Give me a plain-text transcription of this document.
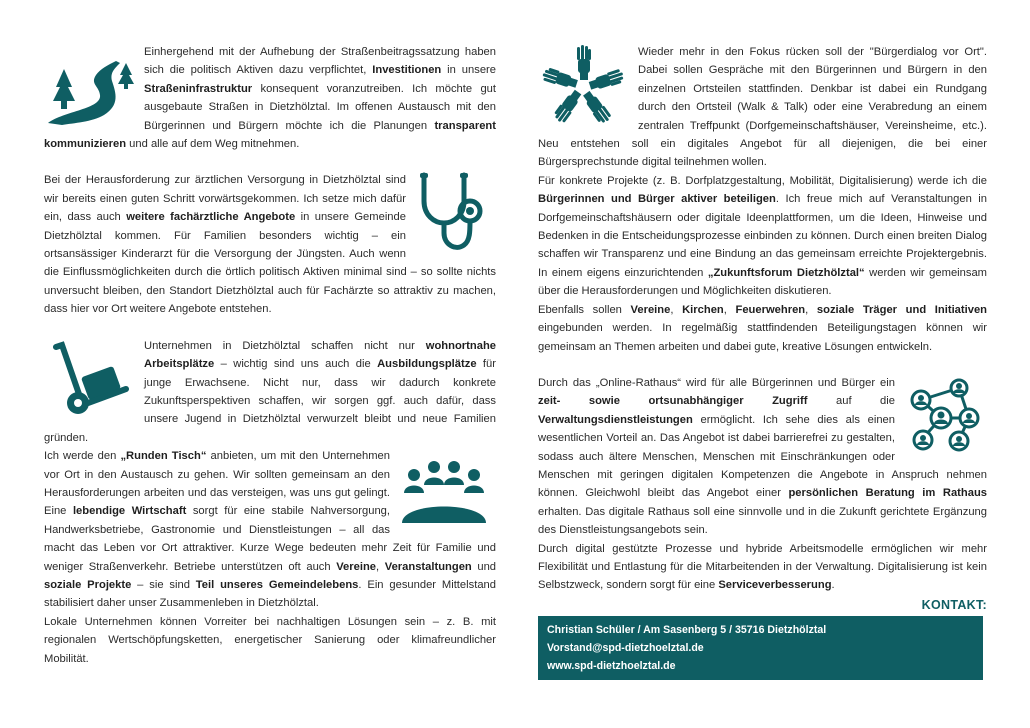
Einhergehend mit der Aufhebung der Straßenbeitragssatzung haben sich die politisch Aktiven dazu verpflichtet, Investitionen in unsere Straßeninfrastruktur konsequent voranzutreiben. Ich möchte gut ausgebaute Straßen in Dietzhölztal. Im offenen Austausch mit den Bürgerinnen und Bürgern möchte ich die Planungen transparent kommunizieren und alle auf dem Weg mitnehmen.

Bei der Herausforderung zur ärztlichen Versorgung in Dietzhölztal sind wir bereits einen guten Schritt vorwärtsgekommen. Ich setze mich dafür ein, dass auch weitere fachärztliche Angebote in unsere Gemeinde Dietzhölztal kommen. Für Familien besonders wichtig – ein ortsansässiger Kinderarzt für die Versorgung der Jüngsten. Auch wenn die Einflussmöglichkeiten durch die örtlich politisch Aktiven minimal sind – so sollte nichts unversucht bleiben, den Standort Dietzhölztal auch für Fachärzte so attraktiv zu machen, dass hier vor Ort weitere Angebote entstehen.

Unternehmen in Dietzhölztal schaffen nicht nur wohnortnahe Arbeitsplätze – wichtig sind uns auch die Ausbildungsplätze für junge Erwachsene. Nicht nur, dass wir dadurch konkrete Zukunftsperspektiven schaffen, wir sorgen ggf. auch dafür, dass unsere Jugend in Dietzhölztal verwurzelt bleibt und neue Familien gründen.

Ich werde den „Runden Tisch“ anbieten, um mit den Unternehmen vor Ort in den Austausch zu gehen. Wir sollten gemeinsam an den Herausforderungen arbeiten und das versteigen, was uns gut gelingt. Eine lebendige Wirtschaft sorgt für eine stabile Nahversorgung, Handwerksbetriebe, Gastronomie und Dienstleistungen – all das macht das Leben vor Ort attraktiver. Kurze Wege bedeuten mehr Zeit für Familie und weniger Straßenverkehr. Betriebe unterstützen oft auch Vereine, Veranstaltungen und soziale Projekte – sie sind Teil unseres Gemeindelebens. Ein gesunder Mittelstand stabilisiert daher unser Zusammenleben in Dietzhölztal.

Lokale Unternehmen können Vorreiter bei nachhaltigen Lösungen sein – z. B. mit regionalen Wertschöpfungsketten, energetischer Sanierung oder klimafreundlicher Mobilität.

Wieder mehr in den Fokus rücken soll der "Bürgerdialog vor Ort". Dabei sollen Gespräche mit den Bürgerinnen und Bürgern in den einzelnen Ortsteilen stattfinden. Denkbar ist dabei ein Rundgang durch den Ortsteil (Walk & Talk) oder eine Verabredung an einem zentralen Treffpunkt (Dorfgemeinschaftshäuser, Vereinsheime, etc.). Neu entstehen soll ein digitales Angebot für all diejenigen, die bei einer Bürgersprechstunde digital teilnehmen wollen.

Für konkrete Projekte (z. B. Dorfplatzgestaltung, Mobilität, Digitalisierung) werde ich die Bürgerinnen und Bürger aktiver beteiligen. Ich freue mich auf Veranstaltungen in Dorfgemeinschaftshäusern oder digitale Ideenplattformen, um die Ideen, Hinweise und Bedenken in die Entscheidungsprozesse einbinden zu können. Durch einen breiten Dialog schaffen wir Transparenz und eine Bindung an das gemeinsam erreichte Projektergebnis. In einem eigens einzurichtenden „Zukunftsforum Dietzhölztal“ werden wir gemeinsam über die Herausforderungen und Möglichkeiten diskutieren.

Ebenfalls sollen Vereine, Kirchen, Feuerwehren, soziale Träger und Initiativen eingebunden werden. In regelmäßig stattfindenden Beteiligungstagen können wir gemeinsam an Themen arbeiten und dabei gute, kreative Lösungen entwickeln.

Durch das „Online-Rathaus“ wird für alle Bürgerinnen und Bürger ein zeit- sowie ortsunabhängiger Zugriff auf die Verwaltungsdienstleistungen ermöglicht. Ich sehe dies als einen wesentlichen Vorteil an. Das Angebot ist dabei barrierefrei zu gestalten, sodass auch ältere Menschen, Menschen mit Einschränkungen oder Menschen mit geringen digitalen Kompetenzen die Angebote in Anspruch nehmen können. Gleichwohl bleibt das Angebot einer persönlichen Beratung im Rathaus erhalten. Das digitale Rathaus soll eine sinnvolle und in die Zukunft gerichtete Ergänzung des Dienstleistungsangebots sein.

Durch digital gestützte Prozesse und hybride Arbeitsmodelle ermöglichen wir mehr Flexibilität und Entlastung für die Mitarbeitenden in der Verwaltung. Digitalisierung ist kein Selbstzweck, sondern sorgt für eine Serviceverbesserung.

KONTAKT:
Christian Schüler / Am Sasenberg 5 / 35716 Dietzhölztal
Vorstand@spd-dietzhoelztal.de
www.spd-dietzhoelztal.de
